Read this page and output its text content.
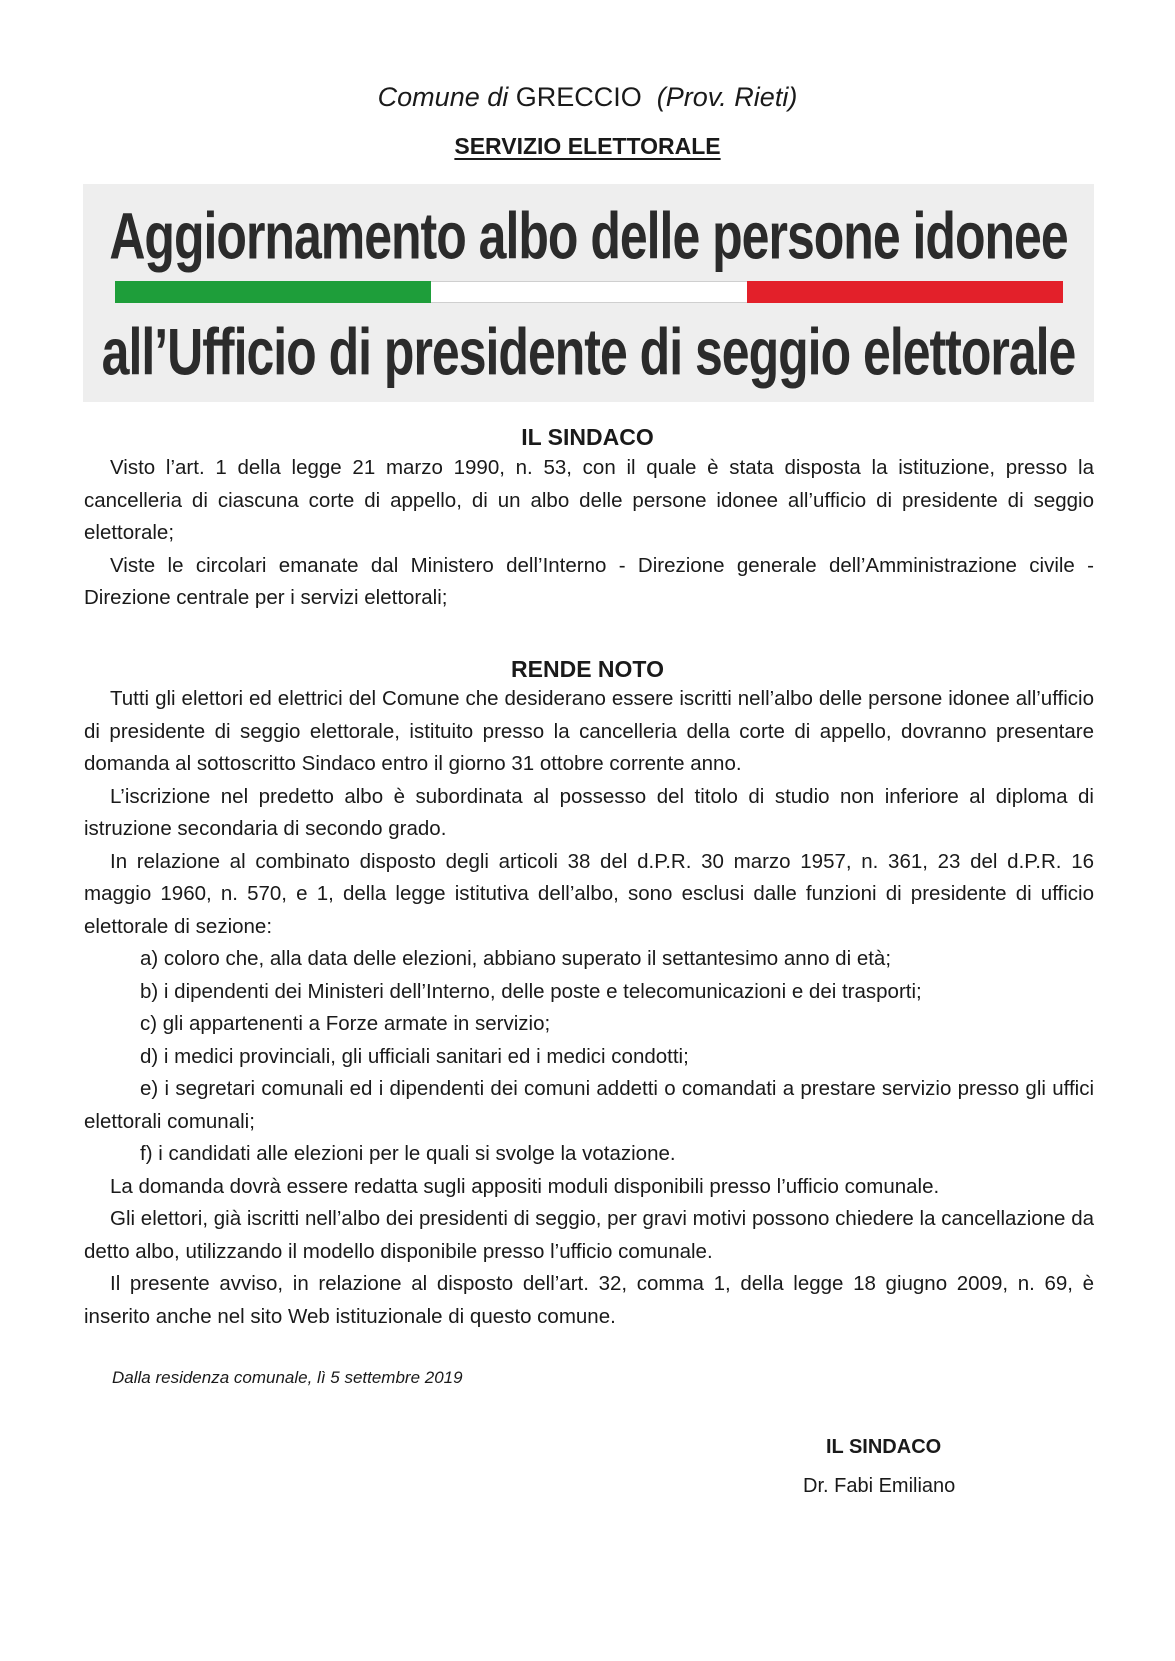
Comune di GRECCIO (Prov. Rieti)
SERVIZIO ELETTORALE
Aggiornamento albo delle persone idonee
all’Ufficio di presidente di seggio elettorale
IL SINDACO

Visto l’art. 1 della legge 21 marzo 1990, n. 53, con il quale è stata disposta la istituzione, presso la cancelleria di ciascuna corte di appello, di un albo delle persone idonee all’ufficio di presidente di seggio elettorale;

Viste le circolari emanate dal Ministero dell’Interno - Direzione generale dell’Amministrazione civile - Direzione centrale per i servizi elettorali;

RENDE NOTO

Tutti gli elettori ed elettrici del Comune che desiderano essere iscritti nell’albo delle persone idonee all’ufficio di presidente di seggio elettorale, istituito presso la cancelleria della corte di appello, dovranno presentare domanda al sottoscritto Sindaco entro il giorno 31 ottobre corrente anno.

L’iscrizione nel predetto albo è subordinata al possesso del titolo di studio non inferiore al diploma di istruzione secondaria di secondo grado.

In relazione al combinato disposto degli articoli 38 del d.P.R. 30 marzo 1957, n. 361, 23 del d.P.R. 16 maggio 1960, n. 570, e 1, della legge istitutiva dell’albo, sono esclusi dalle funzioni di presidente di ufficio elettorale di sezione:

a) coloro che, alla data delle elezioni, abbiano superato il settantesimo anno di età;

b) i dipendenti dei Ministeri dell’Interno, delle poste e telecomunicazioni e dei trasporti;

c) gli appartenenti a Forze armate in servizio;

d) i medici provinciali, gli ufficiali sanitari ed i medici condotti;

e) i segretari comunali ed i dipendenti dei comuni addetti o comandati a prestare servizio presso gli uffici elettorali comunali;

f) i candidati alle elezioni per le quali si svolge la votazione.

La domanda dovrà essere redatta sugli appositi moduli disponibili presso l’ufficio comunale.

Gli elettori, già iscritti nell’albo dei presidenti di seggio, per gravi motivi possono chiedere la cancellazione da detto albo, utilizzando il modello disponibile presso l’ufficio comunale.

Il presente avviso, in relazione al disposto dell’art. 32, comma 1, della legge 18 giugno 2009, n. 69, è inserito anche nel sito Web istituzionale di questo comune.

Dalla residenza comunale, lì 5 settembre 2019
IL SINDACO
Dr. Fabi Emiliano
